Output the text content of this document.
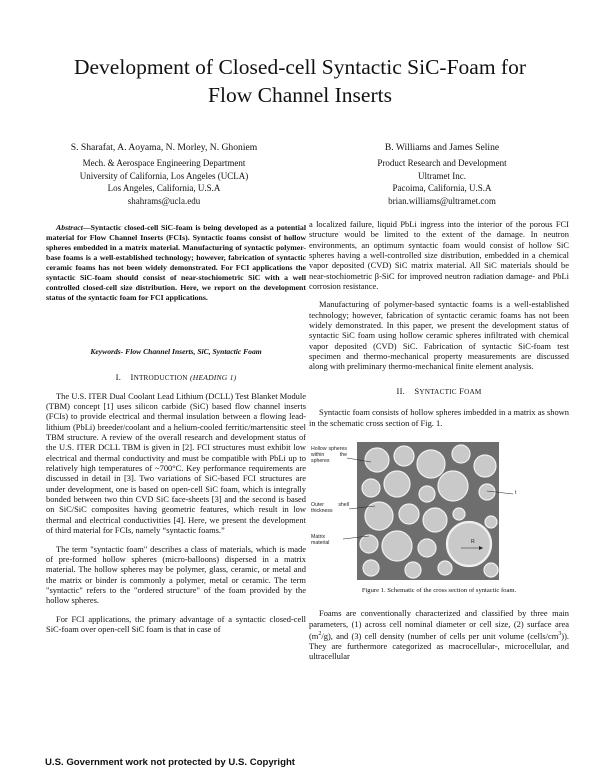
Development of Closed-cell Syntactic SiC-Foam for
Flow Channel Inserts
S. Sharafat, A. Aoyama, N. Morley, N. Ghoniem
Mech. & Aerospace Engineering Department
University of California, Los Angeles (UCLA)
Los Angeles, California, U.S.A
shahrams@ucla.edu
B. Williams and James Seline
Product Research and Development
Ultramet Inc.
Pacoima, California, U.S.A
brian.williams@ultramet.com

Abstract—Syntactic closed-cell SiC-foam is being developed as a potential material for Flow Channel Inserts (FCIs). Syntactic foams consist of hollow spheres embedded in a matrix material. Manufacturing of syntactic polymer-base foams is a well-established technology; however, fabrication of syntactic ceramic foams has not been widely demonstrated. For FCI applications the syntactic SiC-foam should consist of near-stochiometric SiC with a well controlled closed-cell size distribution. Here, we report on the development status of the syntactic foam for FCI applications.

Keywords- Flow Channel Inserts, SiC, Syntactic Foam
I. INTRODUCTION (HEADING 1)

The U.S. ITER Dual Coolant Lead Lithium (DCLL) Test Blanket Module (TBM) concept [1] uses silicon carbide (SiC) based flow channel inserts (FCIs) to provide electrical and thermal insulation between a flowing lead-lithium (PbLi) breeder/coolant and a helium-cooled ferritic/martensitic steel TBM structure. A review of the overall research and development status of the U.S. ITER DCLL TBM is given in [2]. FCI structures must exhibit low electrical and thermal conductivity and must be compatible with PbLi up to relatively high temperatures of ~700°C. Key performance requirements are discussed in detail in [3]. Two variations of SiC-based FCI structures are under development, one is based on open-cell SiC foam, which is integrally bonded between two thin CVD SiC face-sheets [3] and the second is based on SiC/SiC composites having geometric features, which result in low thermal and electrical conductivities [4]. Here, we present the development of third material for FCIs, namely “syntactic foams.”

The term "syntactic foam" describes a class of materials, which is made of pre-formed hollow spheres (micro-balloons) dispersed in a matrix material. The hollow spheres may be polymer, glass, ceramic, or metal and the matrix or binder is commonly a polymer, metal or ceramic. The term "syntactic" refers to the "ordered structure" of the foam provided by the hollow spheres.

For FCI applications, the primary advantage of a syntactic closed-cell SiC-foam over open-cell SiC foam is that in case of

a localized failure, liquid PbLi ingress into the interior of the porous FCI structure would be limited to the extent of the damage. In neutron environments, an optimum syntactic foam would consist of hollow SiC spheres having a well-controlled size distribution, embedded in a chemical vapor deposited (CVD) SiC matrix material. All SiC materials should be near-stochiometric β-SiC for improved neutron radiation damage- and PbLi corrosion resistance.

Manufacturing of polymer-based syntactic foams is a well-established technology; however, fabrication of syntactic ceramic foams has not been widely demonstrated. In this paper, we present the development status of syntactic SiC foam using hollow ceramic spheres infiltrated with chemical vapor deposited (CVD) SiC. Fabrication of syntactic SiC-foam test specimen and thermo-mechanical property measurements are discussed along with preliminary thermo-mechanical finite element analysis.

II. SYNTACTIC FOAM

Syntactic foam consists of hollow spheres imbedded in a matrix as shown in the schematic cross section of Fig. 1.

Hollow spheres within the spheres
Outer shell thickness
Matrix material
t
R
Figure 1. Schematic of the cross section of syntactic foam.

Foams are conventionally characterized and classified by three main parameters, (1) across cell nominal diameter or cell size, (2) surface area $(m^2/g)$, and (3) cell density (number of cells per unit volume $(cells/cm^3)$). They are furthermore categorized as macrocellular-, microcellular, and ultracellular

U.S. Government work not protected by U.S. Copyright
